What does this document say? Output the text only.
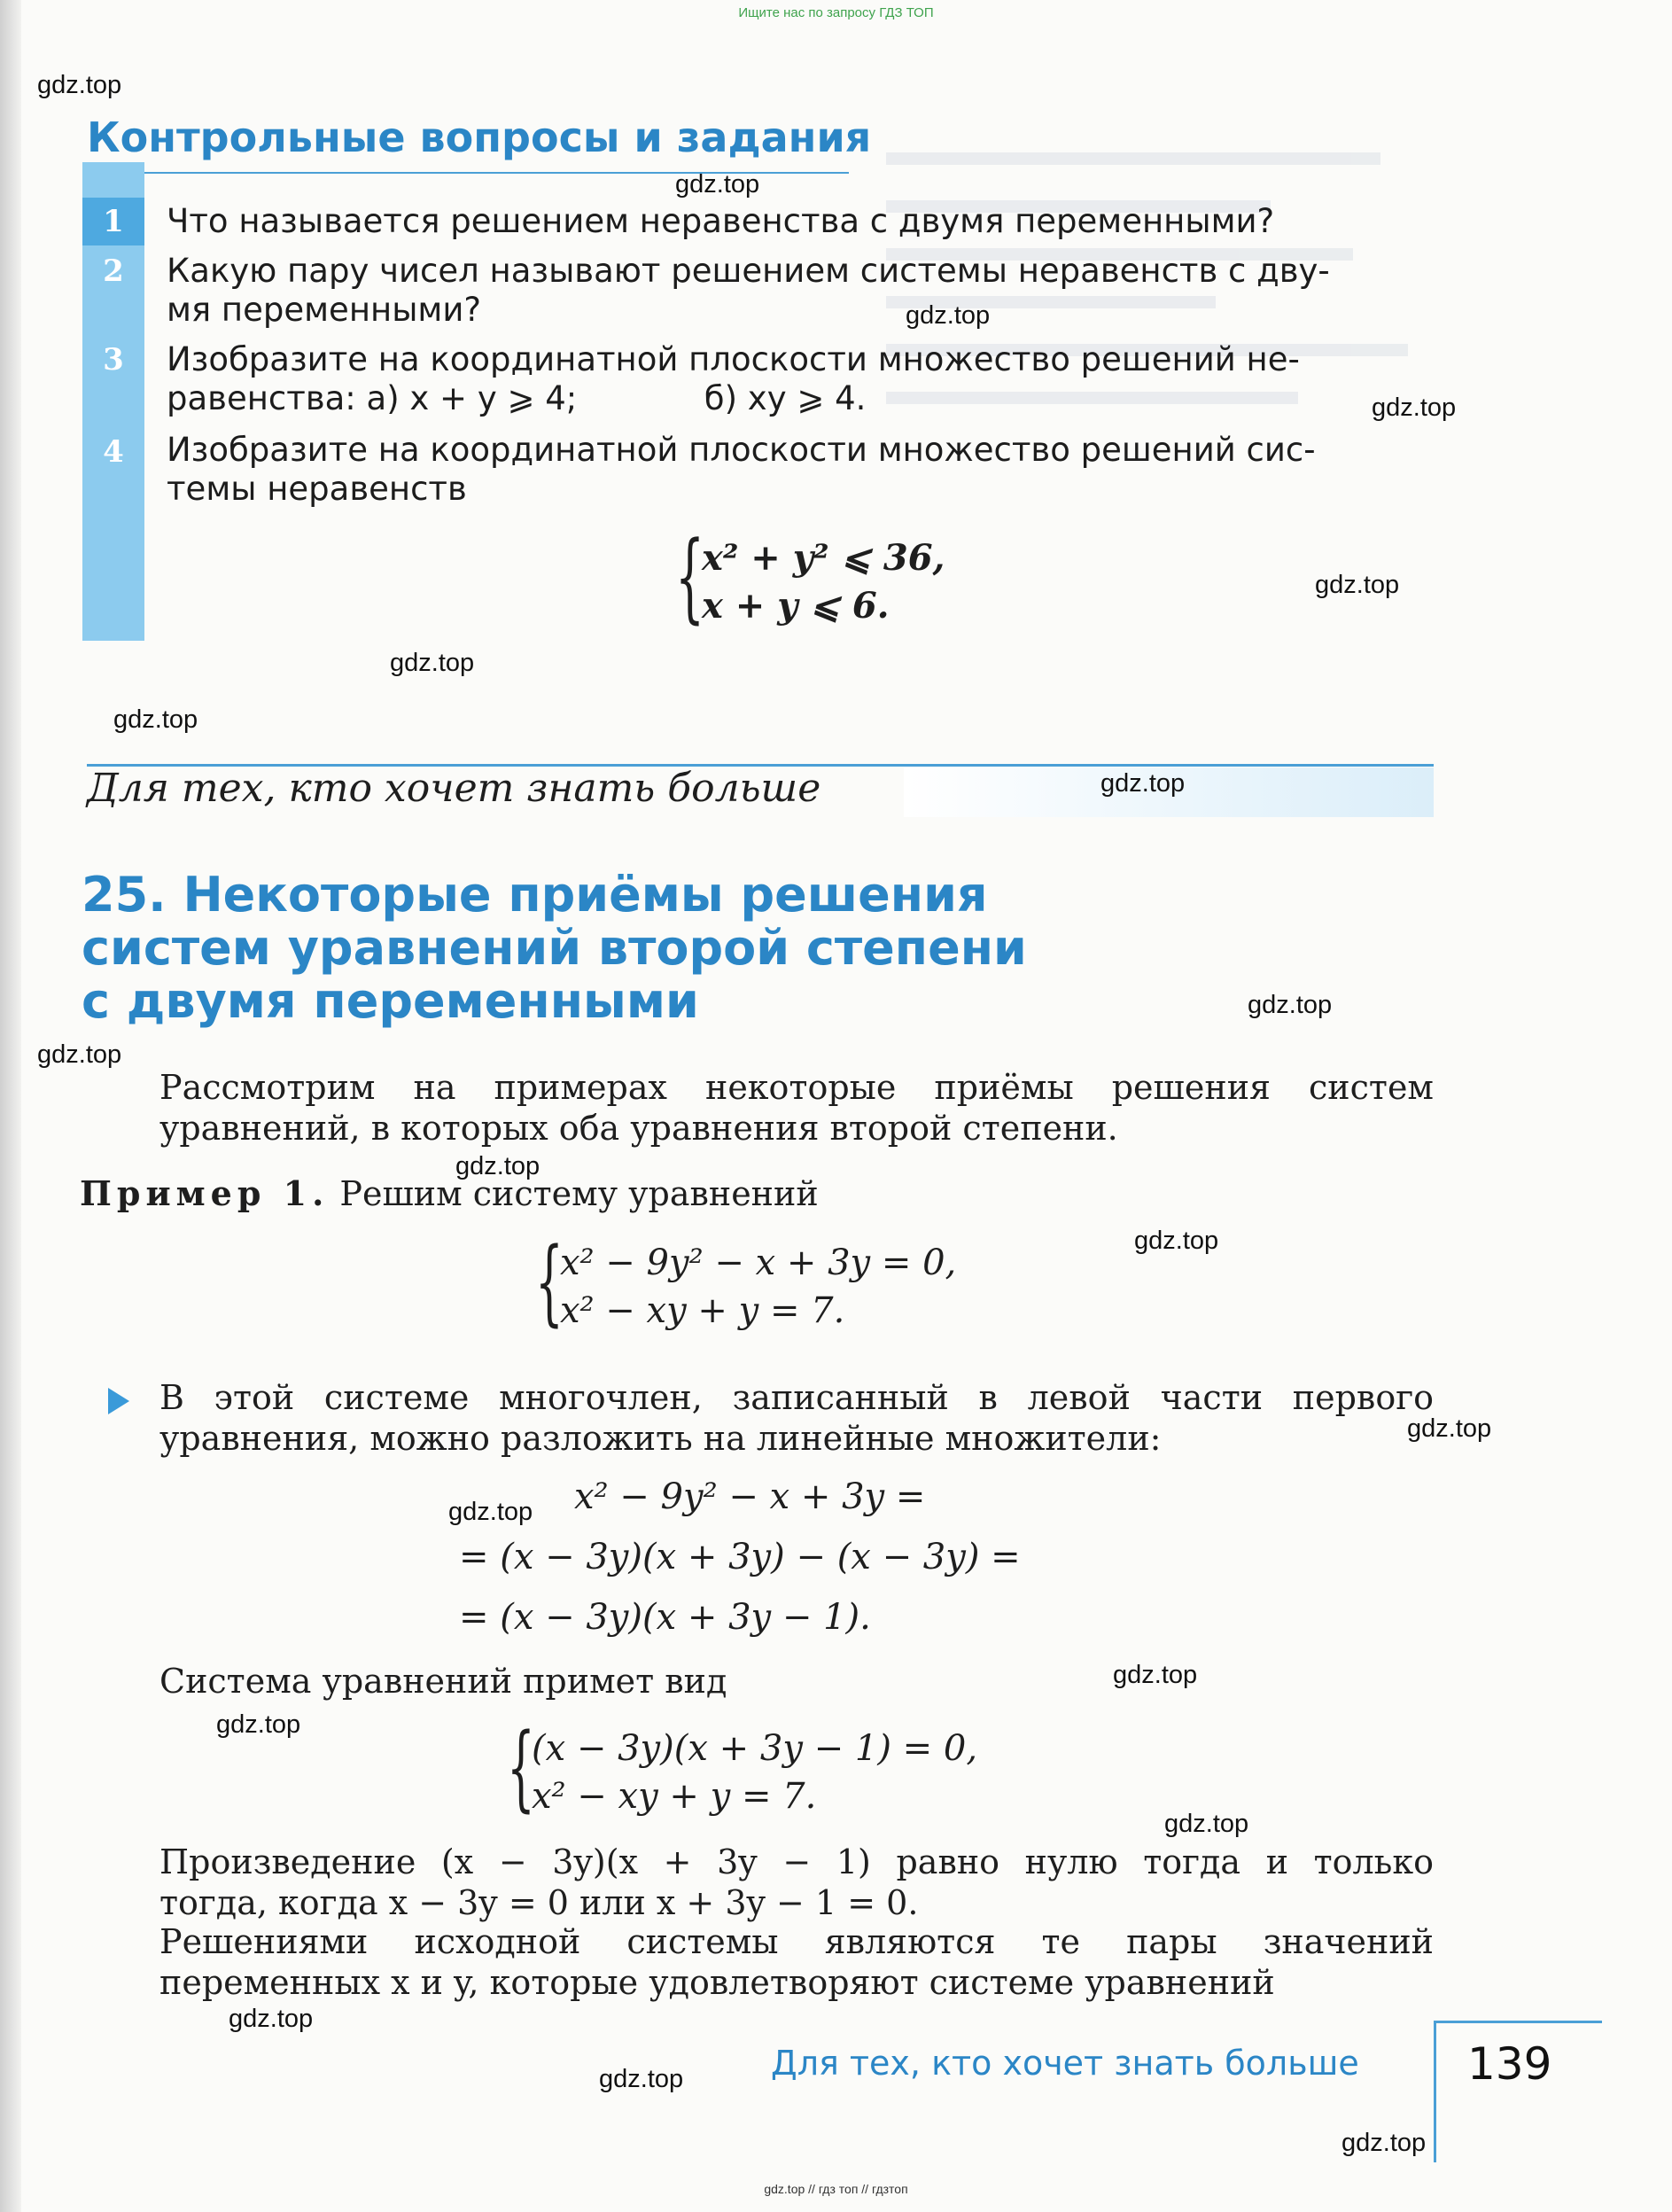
Ищите нас по запросу ГДЗ ТОП
Контрольные вопросы и задания
1
2
3
4
Что называется решением неравенства с двумя переменными?
Какую пару чисел называют решением системы неравенств с дву-
мя переменными?
Изобразите на координатной плоскости множество решений не-
равенства: а) x + y ⩾ 4;	б) xy ⩾ 4.
Изобразите на координатной плоскости множество решений сис-
темы неравенств
{
x² + y² ⩽ 36,
x + y ⩽ 6.
Для тех, кто хочет знать больше
25. Некоторые приёмы решения
систем уравнений второй степени
с двумя переменными
Рассмотрим на примерах некоторые приёмы решения систем уравнений, в которых оба уравнения второй степени.
Пример 1. Решим систему уравнений
{
x² − 9y² − x + 3y = 0,
x² − xy + y = 7.
В этой системе многочлен, записанный в левой части первого уравнения, можно разложить на линейные множители:
x² − 9y² − x + 3y =
= (x − 3y)(x + 3y) − (x − 3y) =
= (x − 3y)(x + 3y − 1).
Система уравнений примет вид
{
(x − 3y)(x + 3y − 1) = 0,
x² − xy + y = 7.
Произведение (x − 3y)(x + 3y − 1) равно нулю тогда и только
тогда, когда x − 3y = 0 или x + 3y − 1 = 0.
Решениями исходной системы являются те пары значений переменных x и y, которые удовлетворяют системе уравнений
Для тех, кто хочет знать больше 139
gdz.top
gdz.top
gdz.top
gdz.top
gdz.top
gdz.top
gdz.top
gdz.top
gdz.top
gdz.top
gdz.top
gdz.top
gdz.top
gdz.top
gdz.top
gdz.top
gdz.top
gdz.top
gdz.top
gdz.top
gdz.top // гдз топ // гдзтоп
